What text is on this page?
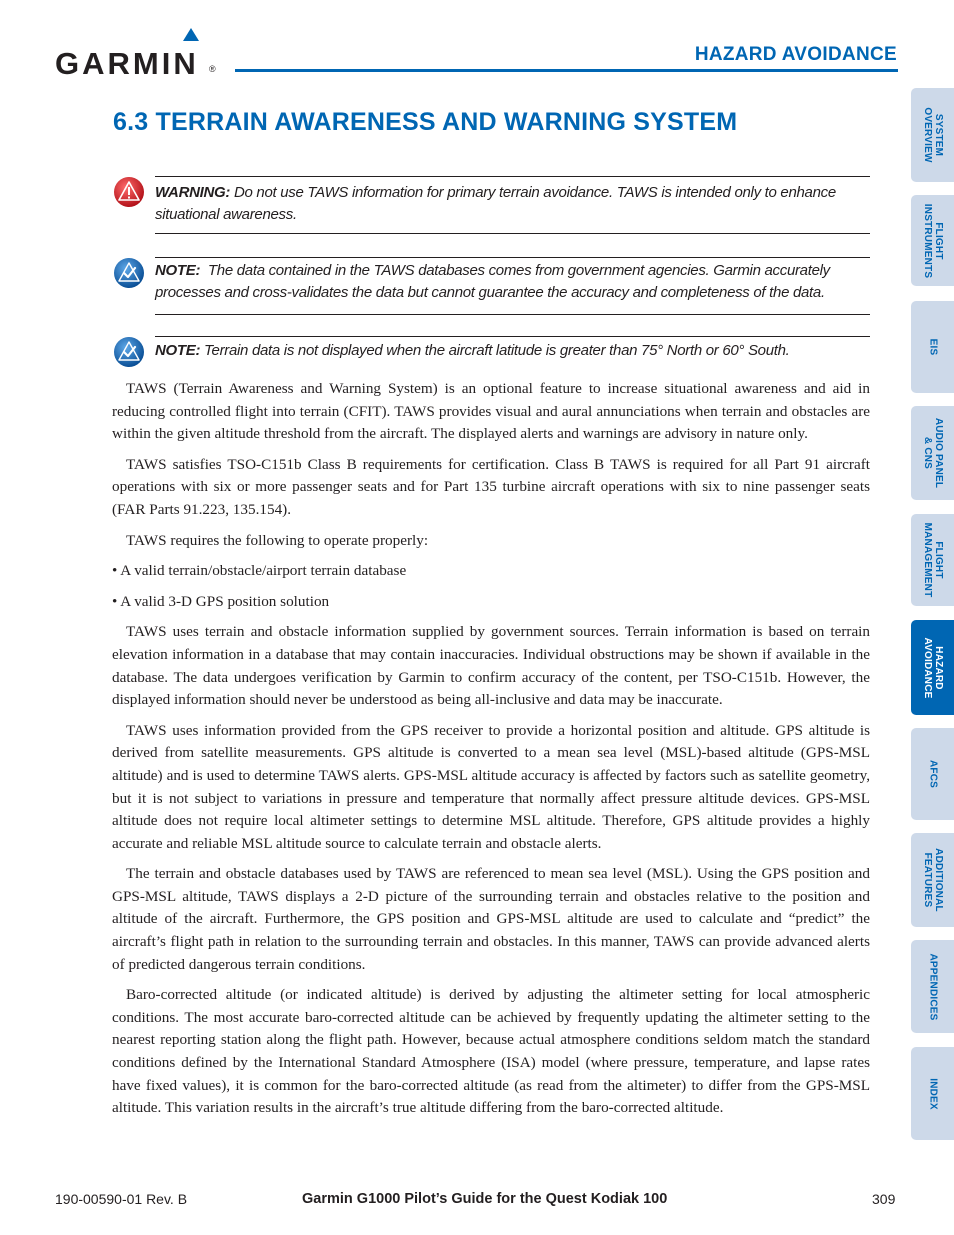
GARMIN ®
HAZARD AVOIDANCE
6.3 TERRAIN AWARENESS AND WARNING SYSTEM
WARNING: Do not use TAWS information for primary terrain avoidance. TAWS is intended only to enhance situational awareness.
NOTE: The data contained in the TAWS databases comes from government agencies. Garmin accurately processes and cross-validates the data but cannot guarantee the accuracy and completeness of the data.
NOTE: Terrain data is not displayed when the aircraft latitude is greater than 75° North or 60° South.

TAWS (Terrain Awareness and Warning System) is an optional feature to increase situational awareness and aid in reducing controlled flight into terrain (CFIT). TAWS provides visual and aural annunciations when terrain and obstacles are within the given altitude threshold from the aircraft. The displayed alerts and warnings are advisory in nature only.

TAWS satisfies TSO-C151b Class B requirements for certification. Class B TAWS is required for all Part 91 aircraft operations with six or more passenger seats and for Part 135 turbine aircraft operations with six to nine passenger seats (FAR Parts 91.223, 135.154).

TAWS requires the following to operate properly:

• A valid terrain/obstacle/airport terrain database

• A valid 3-D GPS position solution

TAWS uses terrain and obstacle information supplied by government sources. Terrain information is based on terrain elevation information in a database that may contain inaccuracies. Individual obstructions may be shown if available in the database. The data undergoes verification by Garmin to confirm accuracy of the content, per TSO-C151b. However, the displayed information should never be understood as being all-inclusive and data may be inaccurate.

TAWS uses information provided from the GPS receiver to provide a horizontal position and altitude. GPS altitude is derived from satellite measurements. GPS altitude is converted to a mean sea level (MSL)-based altitude (GPS-MSL altitude) and is used to determine TAWS alerts. GPS-MSL altitude accuracy is affected by factors such as satellite geometry, but it is not subject to variations in pressure and temperature that normally affect pressure altitude devices. GPS-MSL altitude does not require local altimeter settings to determine MSL altitude. Therefore, GPS altitude provides a highly accurate and reliable MSL altitude source to calculate terrain and obstacle alerts.

The terrain and obstacle databases used by TAWS are referenced to mean sea level (MSL). Using the GPS position and GPS-MSL altitude, TAWS displays a 2-D picture of the surrounding terrain and obstacles relative to the position and altitude of the aircraft. Furthermore, the GPS position and GPS-MSL altitude are used to calculate and “predict” the aircraft’s flight path in relation to the surrounding terrain and obstacles. In this manner, TAWS can provide advanced alerts of predicted dangerous terrain conditions.

Baro-corrected altitude (or indicated altitude) is derived by adjusting the altimeter setting for local atmospheric conditions. The most accurate baro-corrected altitude can be achieved by frequently updating the altimeter setting to the nearest reporting station along the flight path. However, because actual atmosphere conditions seldom match the standard conditions defined by the International Standard Atmosphere (ISA) model (where pressure, temperature, and lapse rates have fixed values), it is common for the baro-corrected altitude (as read from the altimeter) to differ from the GPS-MSL altitude. This variation results in the aircraft’s true altitude differing from the baro-corrected altitude.

SYSTEM
OVERVIEW
FLIGHT
INSTRUMENTS
EIS
AUDIO PANEL
& CNS
FLIGHT
MANAGEMENT
HAZARD
AVOIDANCE
AFCS
ADDITIONAL
FEATURES
APPENDICES
INDEX
190-00590-01 Rev. B	Garmin G1000 Pilot’s Guide for the Quest Kodiak 100	309
